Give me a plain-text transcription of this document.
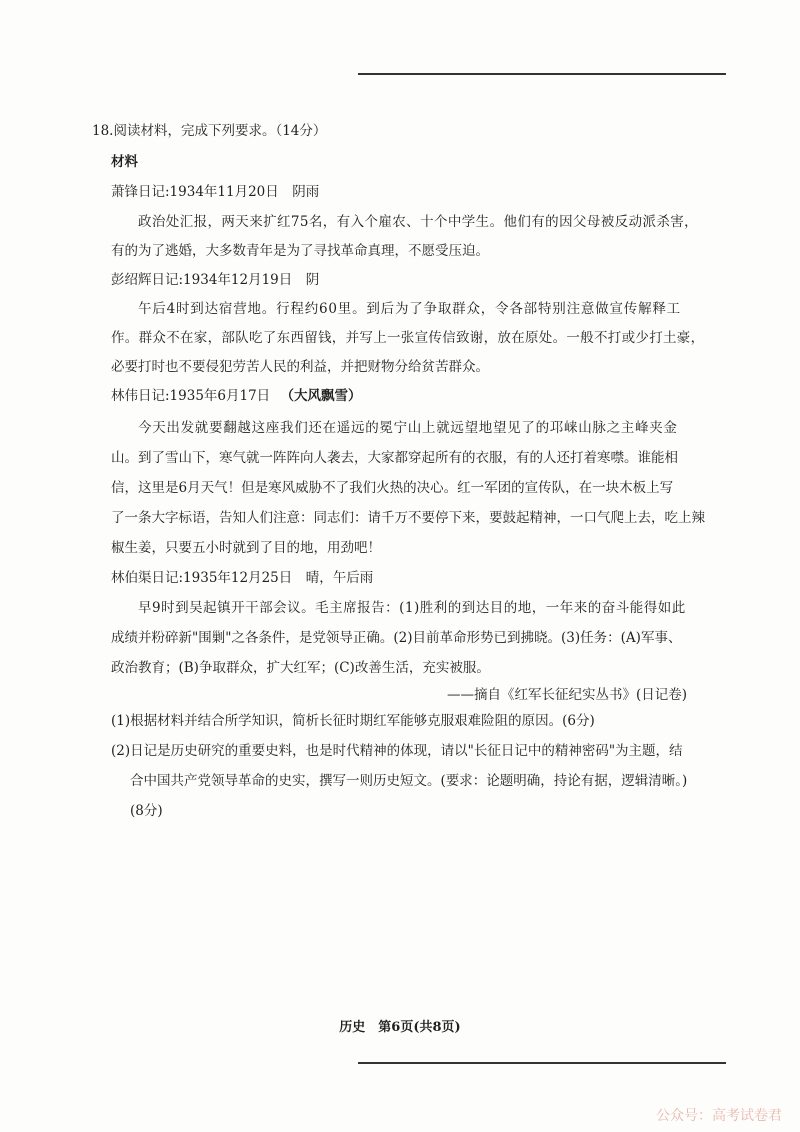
18.阅读材料，完成下列要求。（14分）
材料
萧锋日记:1934年11月20日　阴雨
政治处汇报，两天来扩红75名，有入个雇农、十个中学生。他们有的因父母被反动派杀害，
有的为了逃婚，大多数青年是为了寻找革命真理，不愿受压迫。
彭绍辉日记:1934年12月19日　阴
午后4时到达宿营地。行程约60里。到后为了争取群众，令各部特别注意做宣传解释工
作。群众不在家，部队吃了东西留钱，并写上一张宣传信致谢，放在原处。一般不打或少打土豪，
必要打时也不要侵犯劳苦人民的利益，并把财物分给贫苦群众。
林伟日记:1935年6月17日 （大风飘雪）
今天出发就要翻越这座我们还在遥远的冕宁山上就远望地望见了的邛崃山脉之主峰夹金
山。到了雪山下，寒气就一阵阵向人袭去，大家都穿起所有的衣服，有的人还打着寒噤。谁能相
信，这里是6月天气！但是寒风威胁不了我们火热的决心。红一军团的宣传队，在一块木板上写
了一条大字标语，告知人们注意：同志们：请千万不要停下来，要鼓起精神，一口气爬上去，吃上辣
椒生姜，只要五小时就到了目的地，用劲吧！
林伯渠日记:1935年12月25日　晴，午后雨
早9时到吴起镇开干部会议。毛主席报告：(1)胜利的到达目的地，一年来的奋斗能得如此
成绩并粉碎新"围剿"之各条件，是党领导正确。(2)目前革命形势已到拂晓。(3)任务：(A)军事、
政治教育；(B)争取群众，扩大红军；(C)改善生活，充实被服。
——摘自《红军长征纪实丛书》(日记卷)
(1)根据材料并结合所学知识，简析长征时期红军能够克服艰难险阻的原因。(6分)
(2)日记是历史研究的重要史料，也是时代精神的体现，请以"长征日记中的精神密码"为主题，结
合中国共产党领导革命的史实，撰写一则历史短文。(要求：论题明确，持论有据，逻辑清晰。)
(8分)
历史　第6页(共8页)
公众号：高考试卷君
